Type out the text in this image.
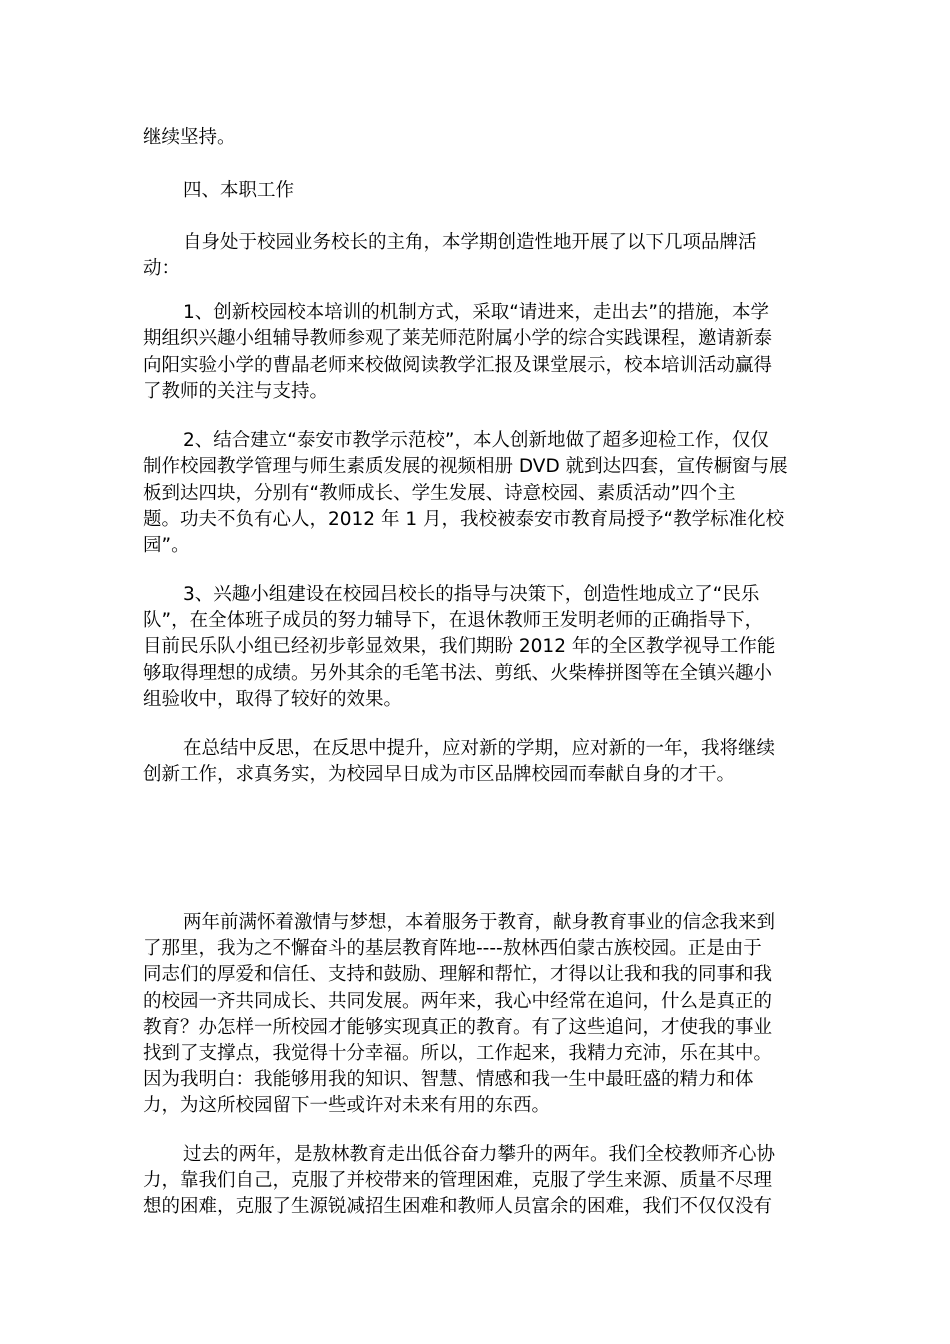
继续坚持。
四、本职工作
自身处于校园业务校长的主角，本学期创造性地开展了以下几项品牌活
动：
1、创新校园校本培训的机制方式，采取“请进来，走出去”的措施，本学
期组织兴趣小组辅导教师参观了莱芜师范附属小学的综合实践课程，邀请新泰
向阳实验小学的曹晶老师来校做阅读教学汇报及课堂展示，校本培训活动赢得
了教师的关注与支持。
2、结合建立“泰安市教学示范校”，本人创新地做了超多迎检工作，仅仅
制作校园教学管理与师生素质发展的视频相册 DVD 就到达四套，宣传橱窗与展
板到达四块，分别有“教师成长、学生发展、诗意校园、素质活动”四个主
题。功夫不负有心人，2012 年 1 月，我校被泰安市教育局授予“教学标准化校
园”。
3、兴趣小组建设在校园吕校长的指导与决策下，创造性地成立了“民乐
队”，在全体班子成员的努力辅导下，在退休教师王发明老师的正确指导下，
目前民乐队小组已经初步彰显效果，我们期盼 2012 年的全区教学视导工作能
够取得理想的成绩。另外其余的毛笔书法、剪纸、火柴棒拼图等在全镇兴趣小
组验收中，取得了较好的效果。
在总结中反思，在反思中提升，应对新的学期，应对新的一年，我将继续
创新工作，求真务实，为校园早日成为市区品牌校园而奉献自身的才干。
两年前满怀着激情与梦想，本着服务于教育，献身教育事业的信念我来到
了那里，我为之不懈奋斗的基层教育阵地----敖林西伯蒙古族校园。正是由于
同志们的厚爱和信任、支持和鼓励、理解和帮忙，才得以让我和我的同事和我
的校园一齐共同成长、共同发展。两年来，我心中经常在追问，什么是真正的
教育？办怎样一所校园才能够实现真正的教育。有了这些追问，才使我的事业
找到了支撑点，我觉得十分幸福。所以，工作起来，我精力充沛，乐在其中。
因为我明白：我能够用我的知识、智慧、情感和我一生中最旺盛的精力和体
力，为这所校园留下一些或许对未来有用的东西。
过去的两年，是敖林教育走出低谷奋力攀升的两年。我们全校教师齐心协
力，靠我们自己，克服了并校带来的管理困难，克服了学生来源、质量不尽理
想的困难，克服了生源锐减招生困难和教师人员富余的困难，我们不仅仅没有
